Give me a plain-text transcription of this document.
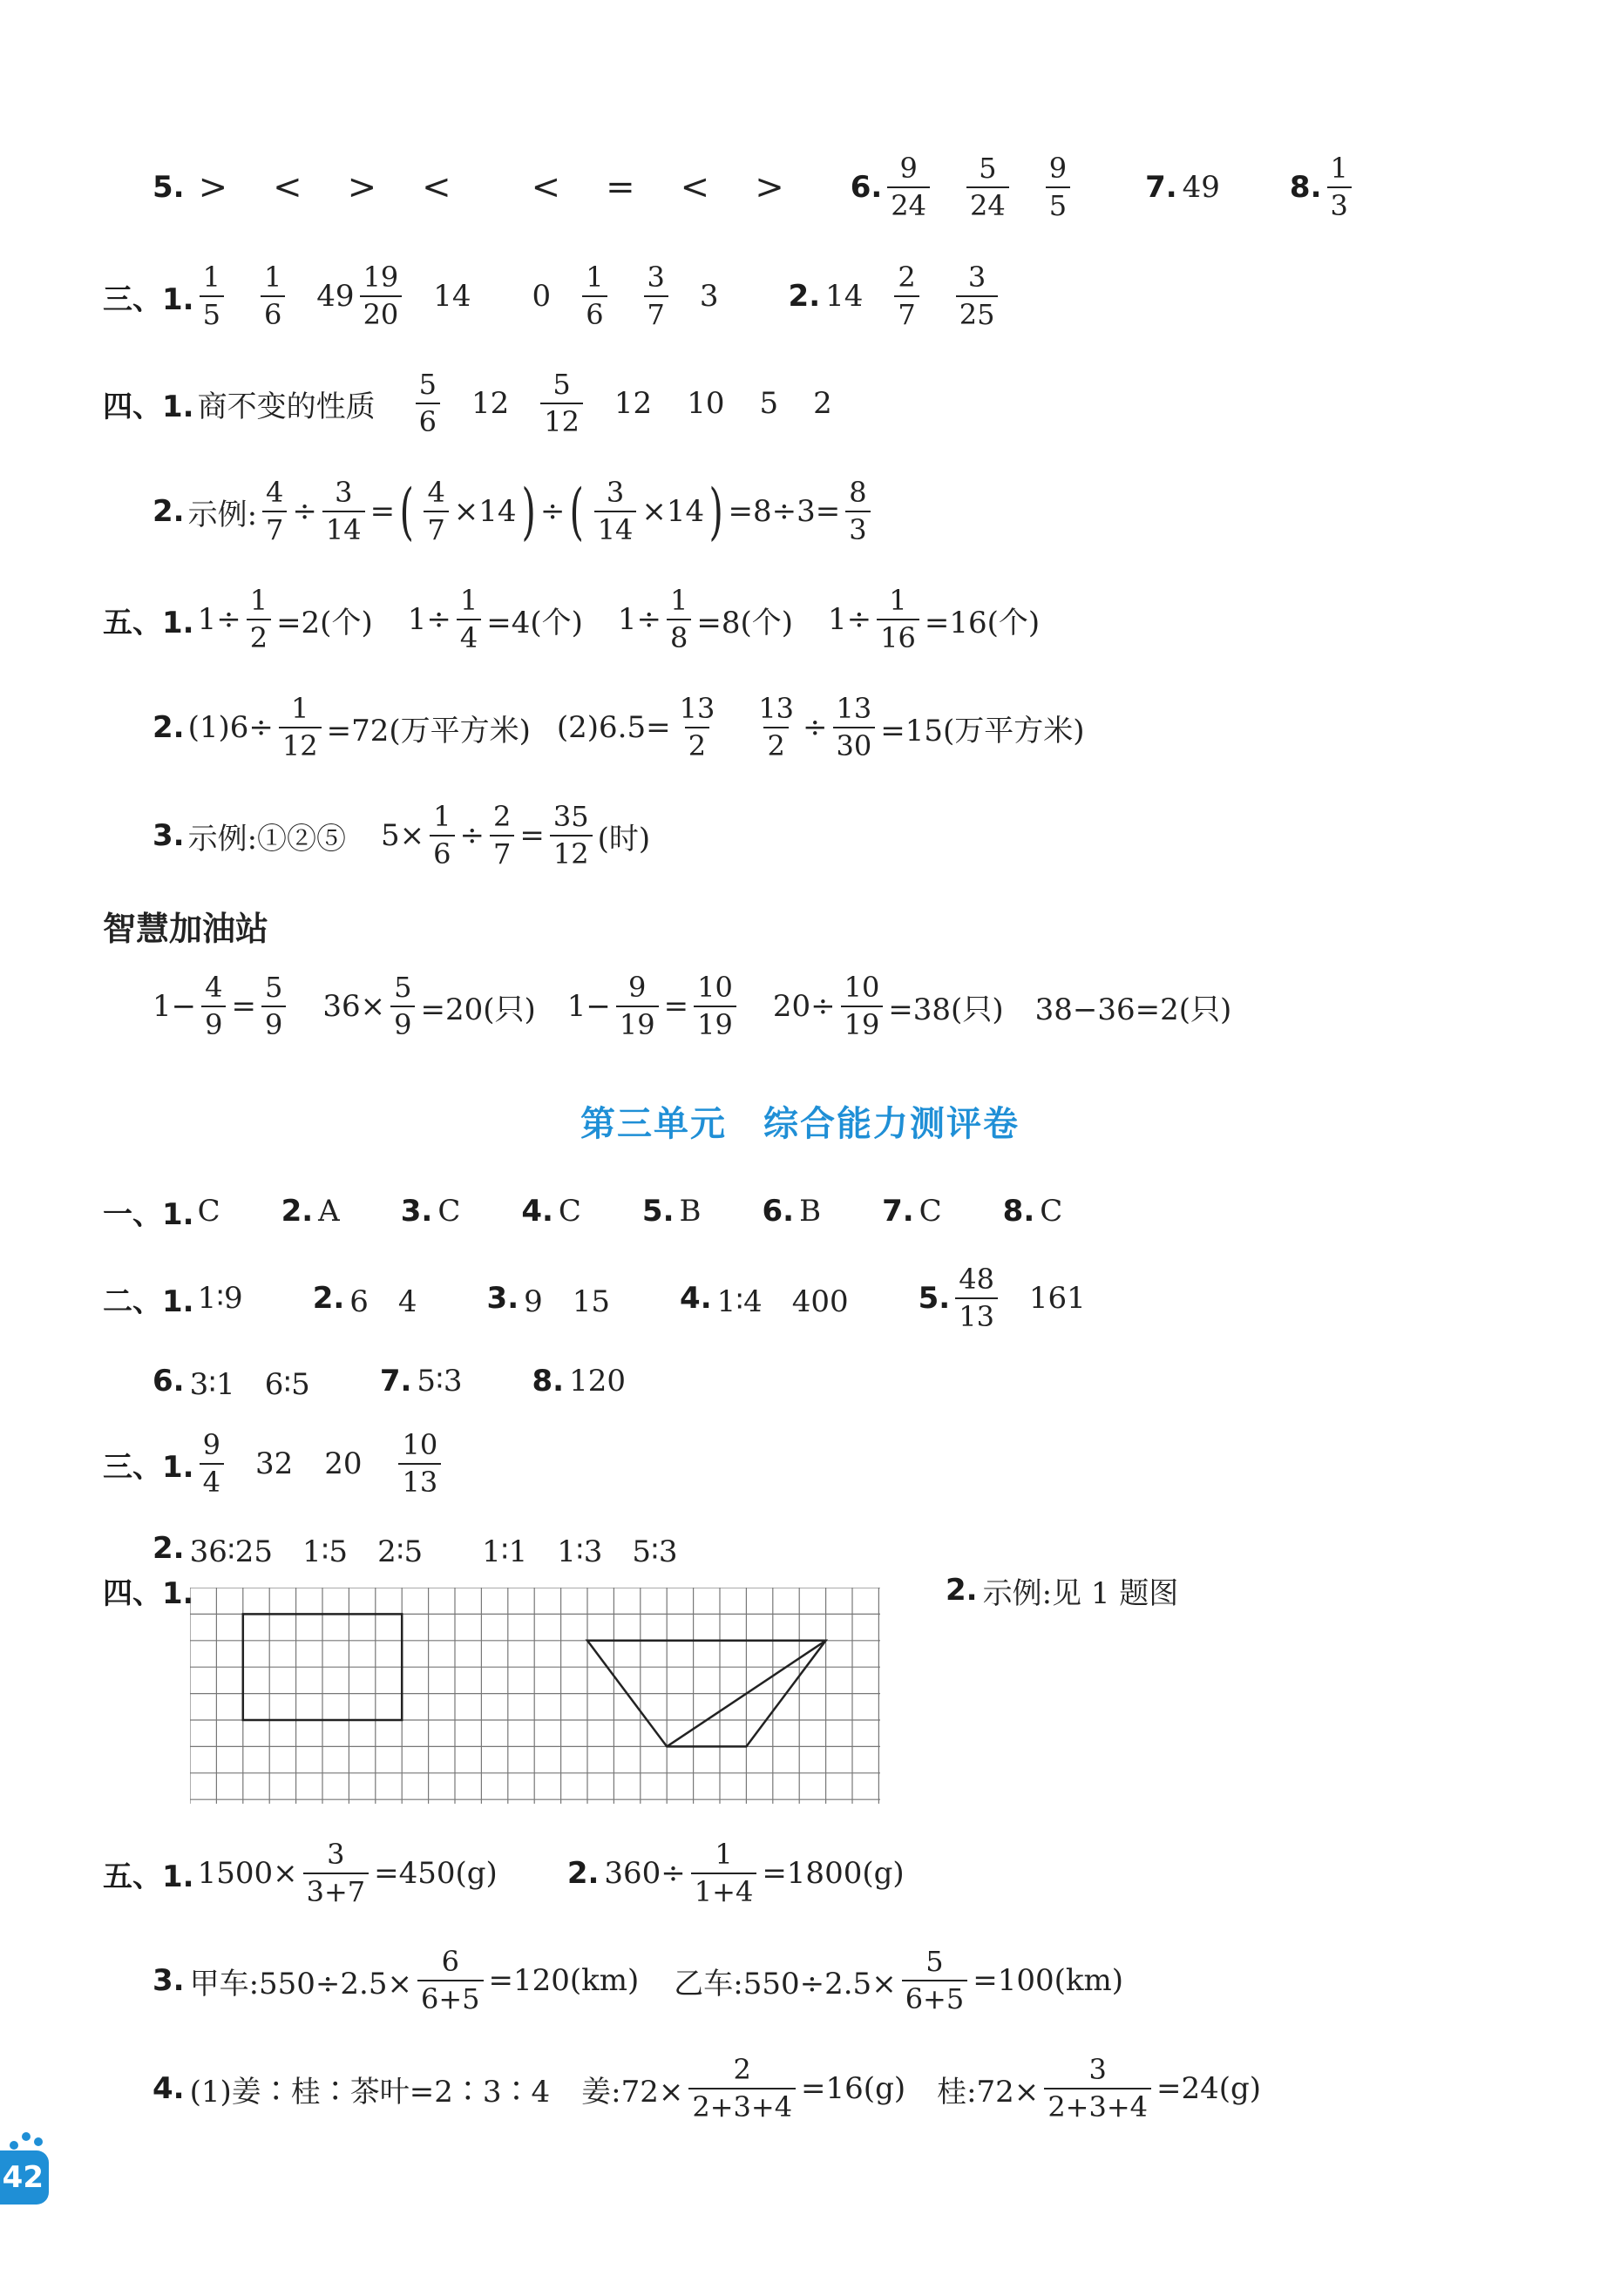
5. > < > < < = < > 6.
9
24
5
24
9
5
7. 49 8.
1
3
三、1.
1
5
1
6
49
19
20
14 0
1
6
3
7
3 2. 14
2
7
3
25
四、1. 商不变的性质
5
6
12
5
12
12 10 5 2
2. 示例: $\frac{4}{7} \div \frac{3}{14}$ = ( $\frac{4}{7} \times 14$ ) ÷ ( $\frac{3}{14} \times 14$ ) $=8\div 3= \frac{8}{3}$
五、1. $1\div \frac{1}{2} =2$(个) $1\div \frac{1}{4} =4$(个) $1\div \frac{1}{8} =8$(个) $1\div \frac{1}{16} =16$(个)
2. $(1)6\div \frac{1}{12} =72$(万平方米) $(2)6.5= \frac{13}{2} \frac{13}{2} \div \frac{13}{30} =15$(万平方米)
3. 示例:①②⑤ $5\times \frac{1}{6} \div \frac{2}{7} = \frac{35}{12}$ (时)
智慧加油站
$1- \frac{4}{9} = \frac{5}{9} 36\times \frac{5}{9} =20$(只) $1- \frac{9}{19} = \frac{10}{19} 20\div \frac{10}{19} =38$(只) 38−36=2(只)
第三单元　综合能力测评卷
一、1. C 2. A 3. C 4. C 5. B 6. B 7. C 8. C
二、1. 1∶9 2. 6　4 3. 9　15 4. 1∶4　400 5.
48
13
161
6. 3∶1　6∶5 7. 5∶3 8. 120
三、1.
9
4
32 20
10
13
2. 36∶25　1∶5　2∶5　　1∶1　1∶3　5∶3
四、1.	2. 示例:见 1 题图
五、1. $1500\times \frac{3}{3+7} =450(g)$ 2. $360\div \frac{1}{1+4} =1800(g)$
3. 甲车:550÷2.5× $\frac{6}{6+5} =120(km)$ 乙车:550÷2.5× $\frac{5}{6+5} =100(km)$
4. (1)姜∶桂∶茶叶=2∶3∶4 姜:72× $\frac{2}{2+3+4} =16(g)$ 桂:72× $\frac{3}{2+3+4} =24(g)$
42
